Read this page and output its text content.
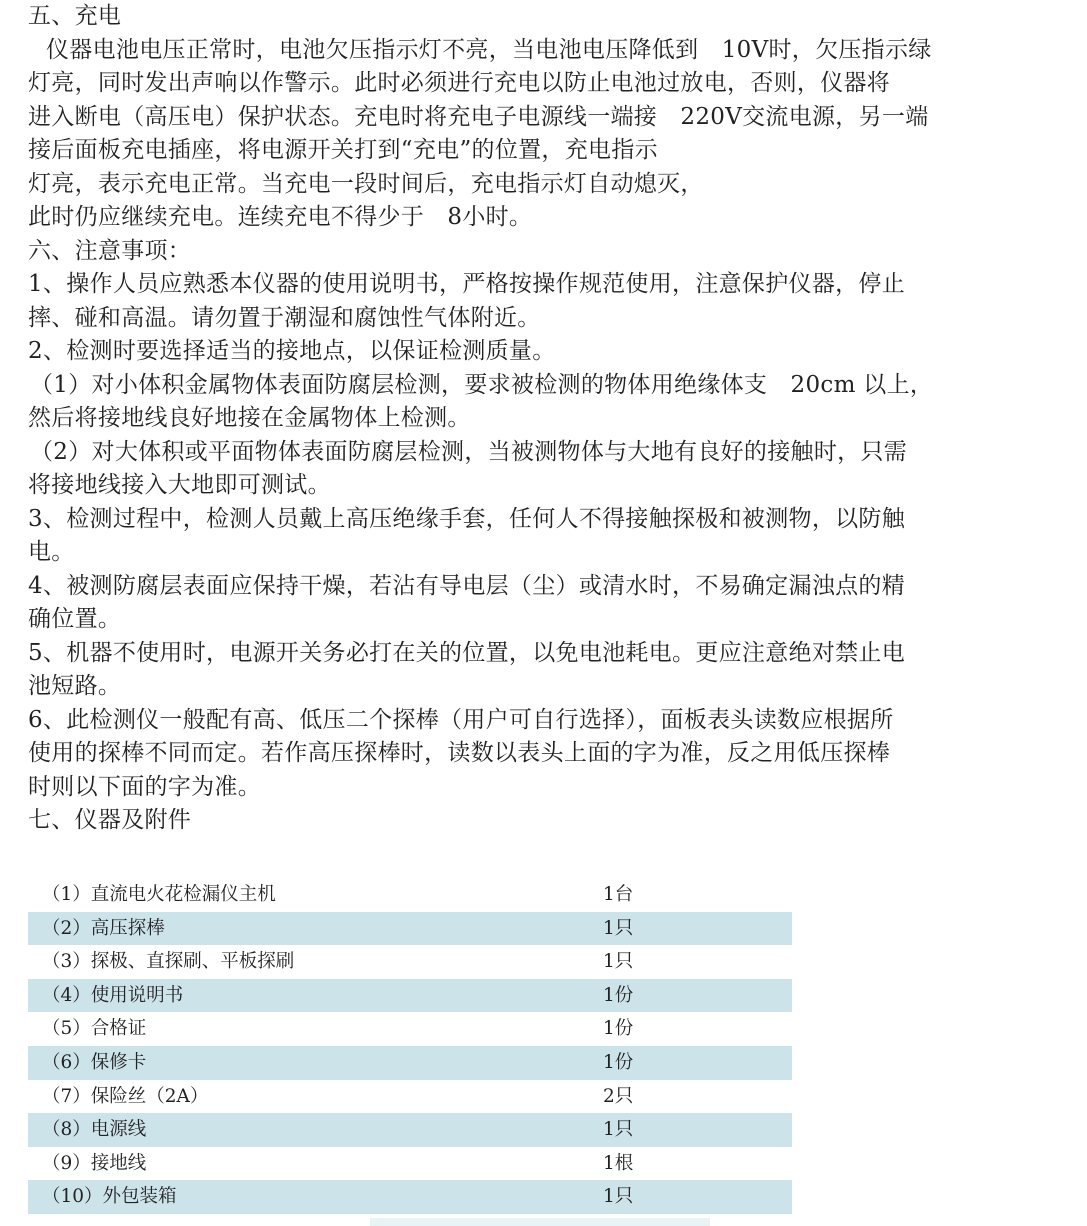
五、充电
仪器电池电压正常时，电池欠压指示灯不亮，当电池电压降低到　10V时，欠压指示绿
灯亮，同时发出声响以作警示。此时必须进行充电以防止电池过放电，否则，仪器将
进入断电（高压电）保护状态。充电时将充电子电源线一端接　220V交流电源，另一端
接后面板充电插座，将电源开关打到“充电”的位置，充电指示
灯亮，表示充电正常。当充电一段时间后，充电指示灯自动熄灭，
此时仍应继续充电。连续充电不得少于　8小时。
六、注意事项：
1、操作人员应熟悉本仪器的使用说明书，严格按操作规范使用，注意保护仪器，停止
摔、碰和高温。请勿置于潮湿和腐蚀性气体附近。
2、检测时要选择适当的接地点，以保证检测质量。
（1）对小体积金属物体表面防腐层检测，要求被检测的物体用绝缘体支　20cm 以上，
然后将接地线良好地接在金属物体上检测。
（2）对大体积或平面物体表面防腐层检测，当被测物体与大地有良好的接触时，只需
将接地线接入大地即可测试。
3、检测过程中，检测人员戴上高压绝缘手套，任何人不得接触探极和被测物，以防触
电。
4、被测防腐层表面应保持干燥，若沾有导电层（尘）或清水时，不易确定漏浊点的精
确位置。
5、机器不使用时，电源开关务必打在关的位置，以免电池耗电。更应注意绝对禁止电
池短路。
6、此检测仪一般配有高、低压二个探棒（用户可自行选择），面板表头读数应根据所
使用的探棒不同而定。若作高压探棒时，读数以表头上面的字为准，反之用低压探棒
时则以下面的字为准。
七、仪器及附件
（1）直流电火花检漏仪主机	1台
（2）高压探棒	1只
（3）探极、直探刷、平板探刷	1只
（4）使用说明书	1份
（5）合格证	1份
（6）保修卡	1份
（7）保险丝（2A）	2只
（8）电源线	1只
（9）接地线	1根
（10）外包装箱	1只
